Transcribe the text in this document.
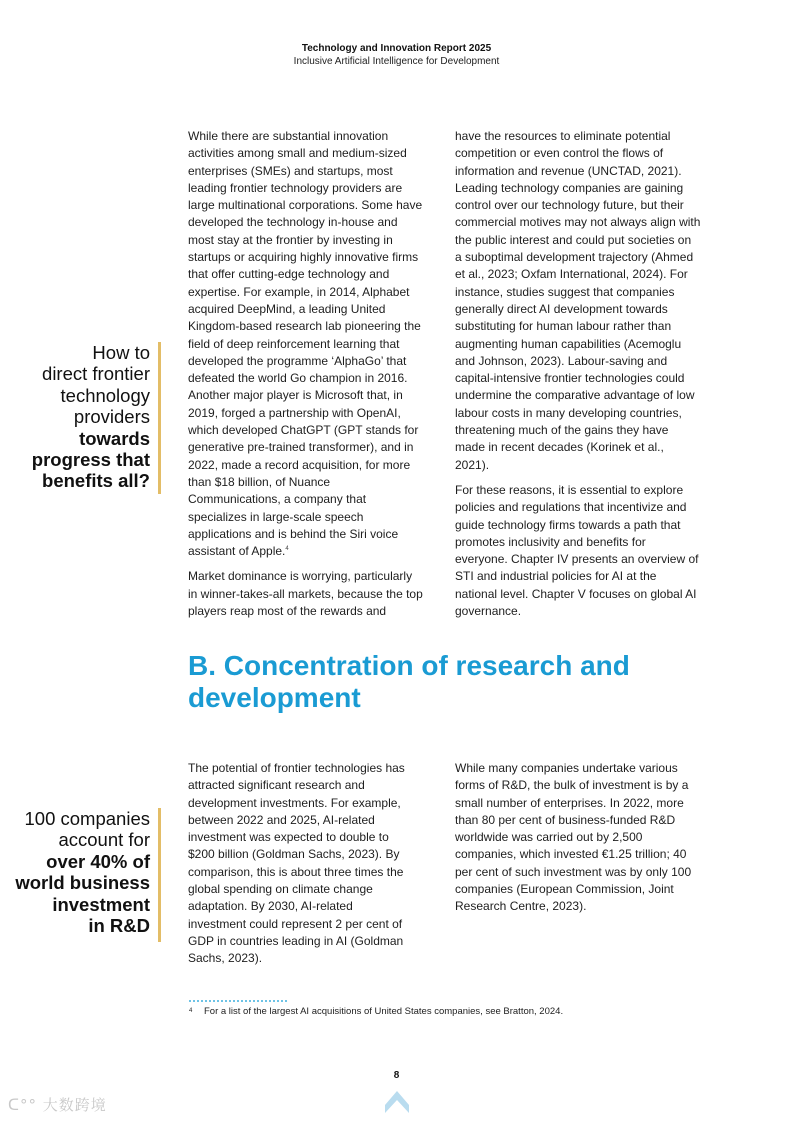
Technology and Innovation Report 2025
Inclusive Artificial Intelligence for Development
How to
direct frontier
technology
providers
towards
progress that
benefits all?

While there are substantial innovation activities among small and medium-sized enterprises (SMEs) and startups, most leading frontier technology providers are large multinational corporations. Some have developed the technology in-house and most stay at the frontier by investing in startups or acquiring highly innovative firms that offer cutting-edge technology and expertise. For example, in 2014, Alphabet acquired DeepMind, a leading United Kingdom-based research lab pioneering the field of deep reinforcement learning that developed the programme ‘AlphaGo’ that defeated the world Go champion in 2016. Another major player is Microsoft that, in 2019, forged a partnership with OpenAI, which developed ChatGPT (GPT stands for generative pre-trained transformer), and in 2022, made a record acquisition, for more than $18 billion, of Nuance Communications, a company that specializes in large-scale speech applications and is behind the Siri voice assistant of Apple.$^4$

Market dominance is worrying, particularly in winner-takes-all markets, because the top players reap most of the rewards and

have the resources to eliminate potential competition or even control the flows of information and revenue (UNCTAD, 2021). Leading technology companies are gaining control over our technology future, but their commercial motives may not always align with the public interest and could put societies on a suboptimal development trajectory (Ahmed et al., 2023; Oxfam International, 2024). For instance, studies suggest that companies generally direct AI development towards substituting for human labour rather than augmenting human capabilities (Acemoglu and Johnson, 2023). Labour-saving and capital-intensive frontier technologies could undermine the comparative advantage of low labour costs in many developing countries, threatening much of the gains they have made in recent decades (Korinek et al., 2021).

For these reasons, it is essential to explore policies and regulations that incentivize and guide technology firms towards a path that promotes inclusivity and benefits for everyone. Chapter IV presents an overview of STI and industrial policies for AI at the national level. Chapter V focuses on global AI governance.

B. Concentration of research and development
100 companies
account for
over 40% of
world business
investment
in R&D

The potential of frontier technologies has attracted significant research and development investments. For example, between 2022 and 2025, AI-related investment was expected to double to $200 billion (Goldman Sachs, 2023). By comparison, this is about three times the global spending on climate change adaptation. By 2030, AI-related investment could represent 2 per cent of GDP in countries leading in AI (Goldman Sachs, 2023).

While many companies undertake various forms of R&D, the bulk of investment is by a small number of enterprises. In 2022, more than 80 per cent of business-funded R&D worldwide was carried out by 2,500 companies, which invested €1.25 trillion; 40 per cent of such investment was by only 100 companies (European Commission, Joint Research Centre, 2023).

4 For a list of the largest AI acquisitions of United States companies, see Bratton, 2024.
8
ᑕ°° 大数跨境
